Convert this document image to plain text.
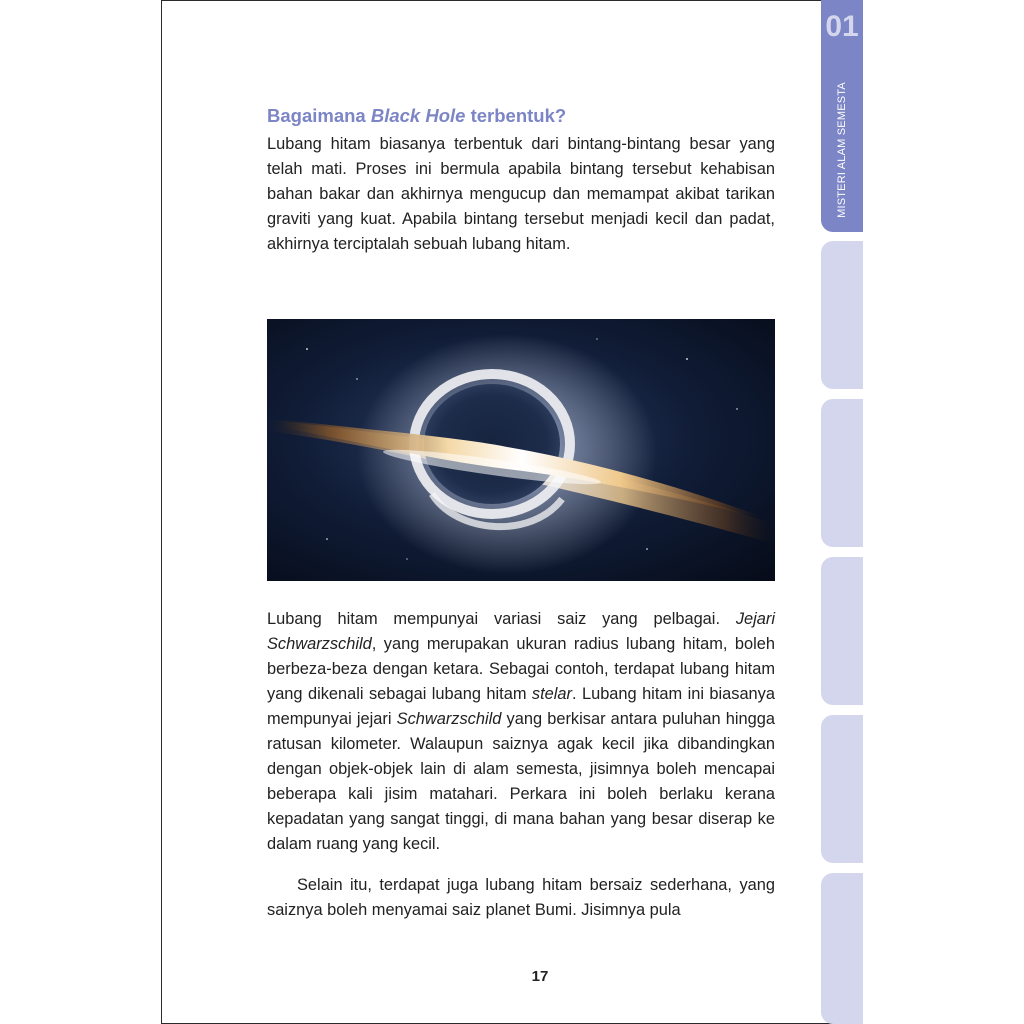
01
MISTERI ALAM SEMESTA
Bagaimana Black Hole terbentuk?

Lubang hitam biasanya terbentuk dari bintang-bintang besar yang telah mati. Proses ini bermula apabila bintang tersebut kehabisan bahan bakar dan akhirnya mengucup dan memampat akibat tarikan graviti yang kuat. Apabila bintang tersebut menjadi kecil dan padat, akhirnya terciptalah sebuah lubang hitam.

Lubang hitam mempunyai variasi saiz yang pelbagai. Jejari Schwarzschild, yang merupakan ukuran radius lubang hitam, boleh berbeza-beza dengan ketara. Sebagai contoh, terdapat lubang hitam yang dikenali sebagai lubang hitam stelar. Lubang hitam ini biasanya mempunyai jejari Schwarzschild yang berkisar antara puluhan hingga ratusan kilometer. Walaupun saiznya agak kecil jika dibandingkan dengan objek-objek lain di alam semesta, jisimnya boleh mencapai beberapa kali jisim matahari. Perkara ini boleh berlaku kerana kepadatan yang sangat tinggi, di mana bahan yang besar diserap ke dalam ruang yang kecil.

Selain itu, terdapat juga lubang hitam bersaiz sederhana, yang saiznya boleh menyamai saiz planet Bumi. Jisimnya pula

17
